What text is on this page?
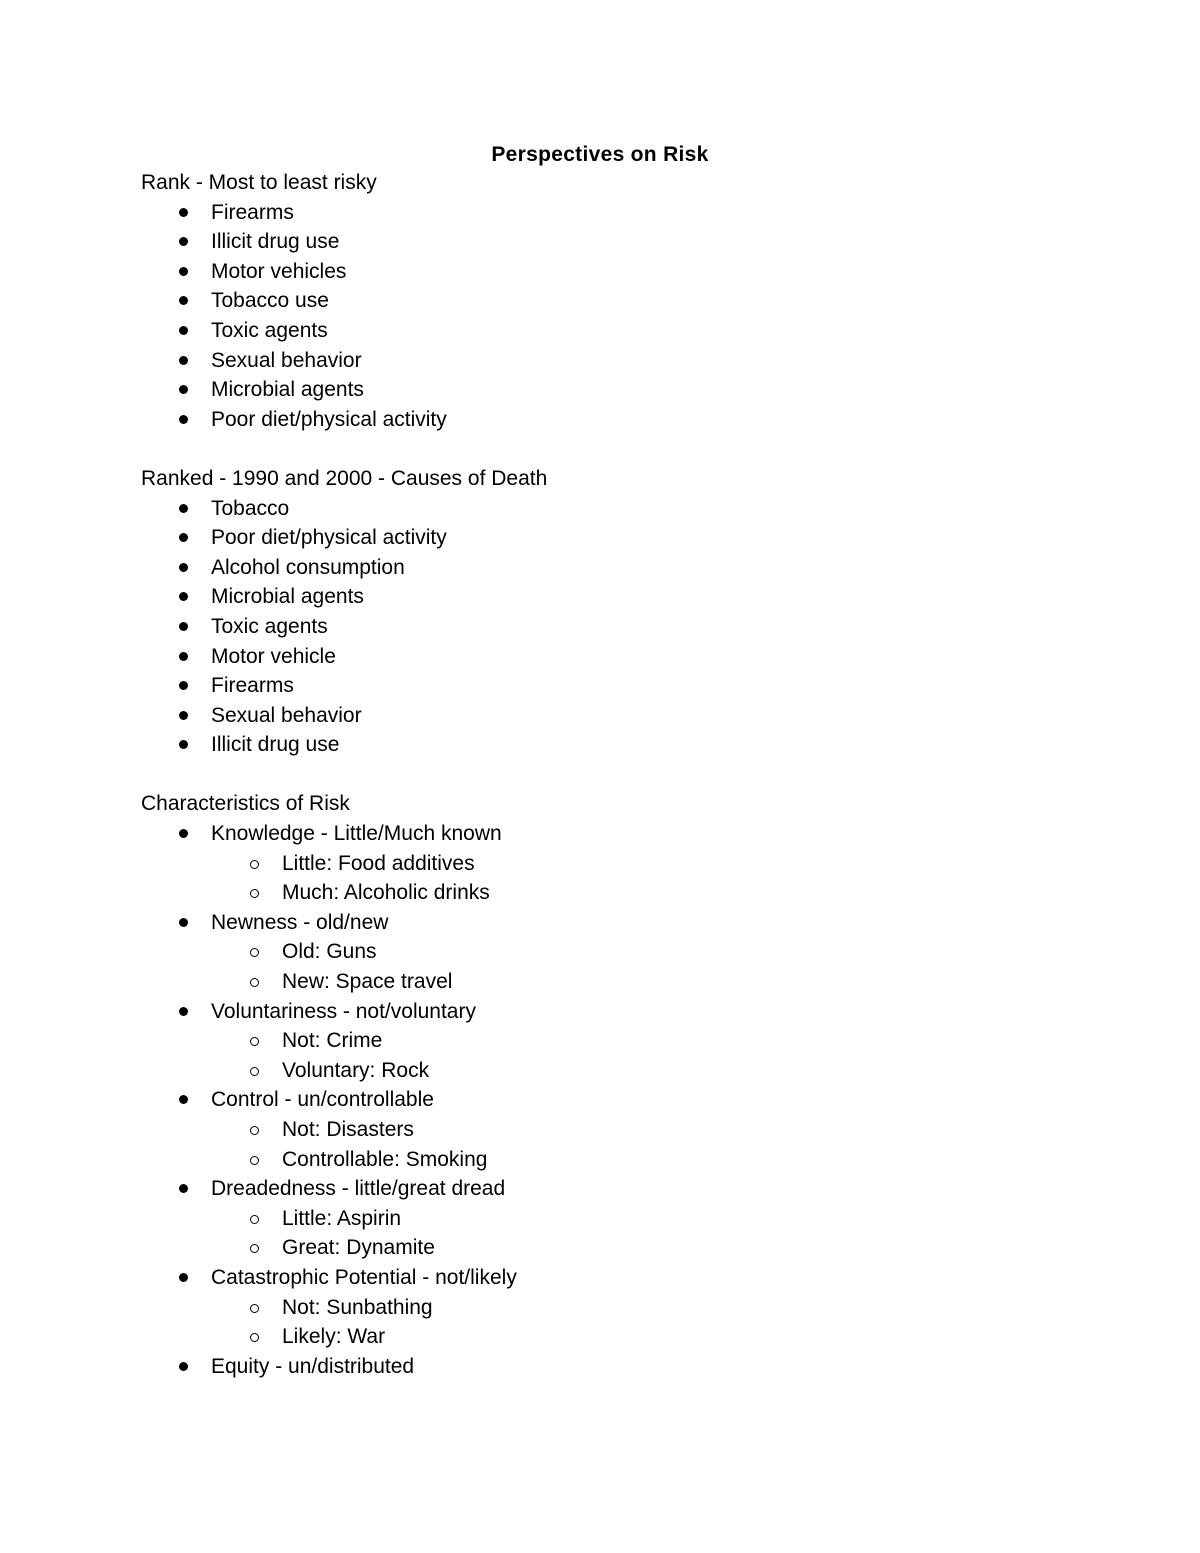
Perspectives on Risk
Rank - Most to least risky
Firearms
Illicit drug use
Motor vehicles
Tobacco use
Toxic agents
Sexual behavior
Microbial agents
Poor diet/physical activity
Ranked - 1990 and 2000 - Causes of Death
Tobacco
Poor diet/physical activity
Alcohol consumption
Microbial agents
Toxic agents
Motor vehicle
Firearms
Sexual behavior
Illicit drug use
Characteristics of Risk
Knowledge - Little/Much known
Little: Food additives
Much: Alcoholic drinks
Newness - old/new
Old: Guns
New: Space travel
Voluntariness - not/voluntary
Not: Crime
Voluntary: Rock
Control - un/controllable
Not: Disasters
Controllable: Smoking
Dreadedness - little/great dread
Little: Aspirin
Great: Dynamite
Catastrophic Potential - not/likely
Not: Sunbathing
Likely: War
Equity - un/distributed
